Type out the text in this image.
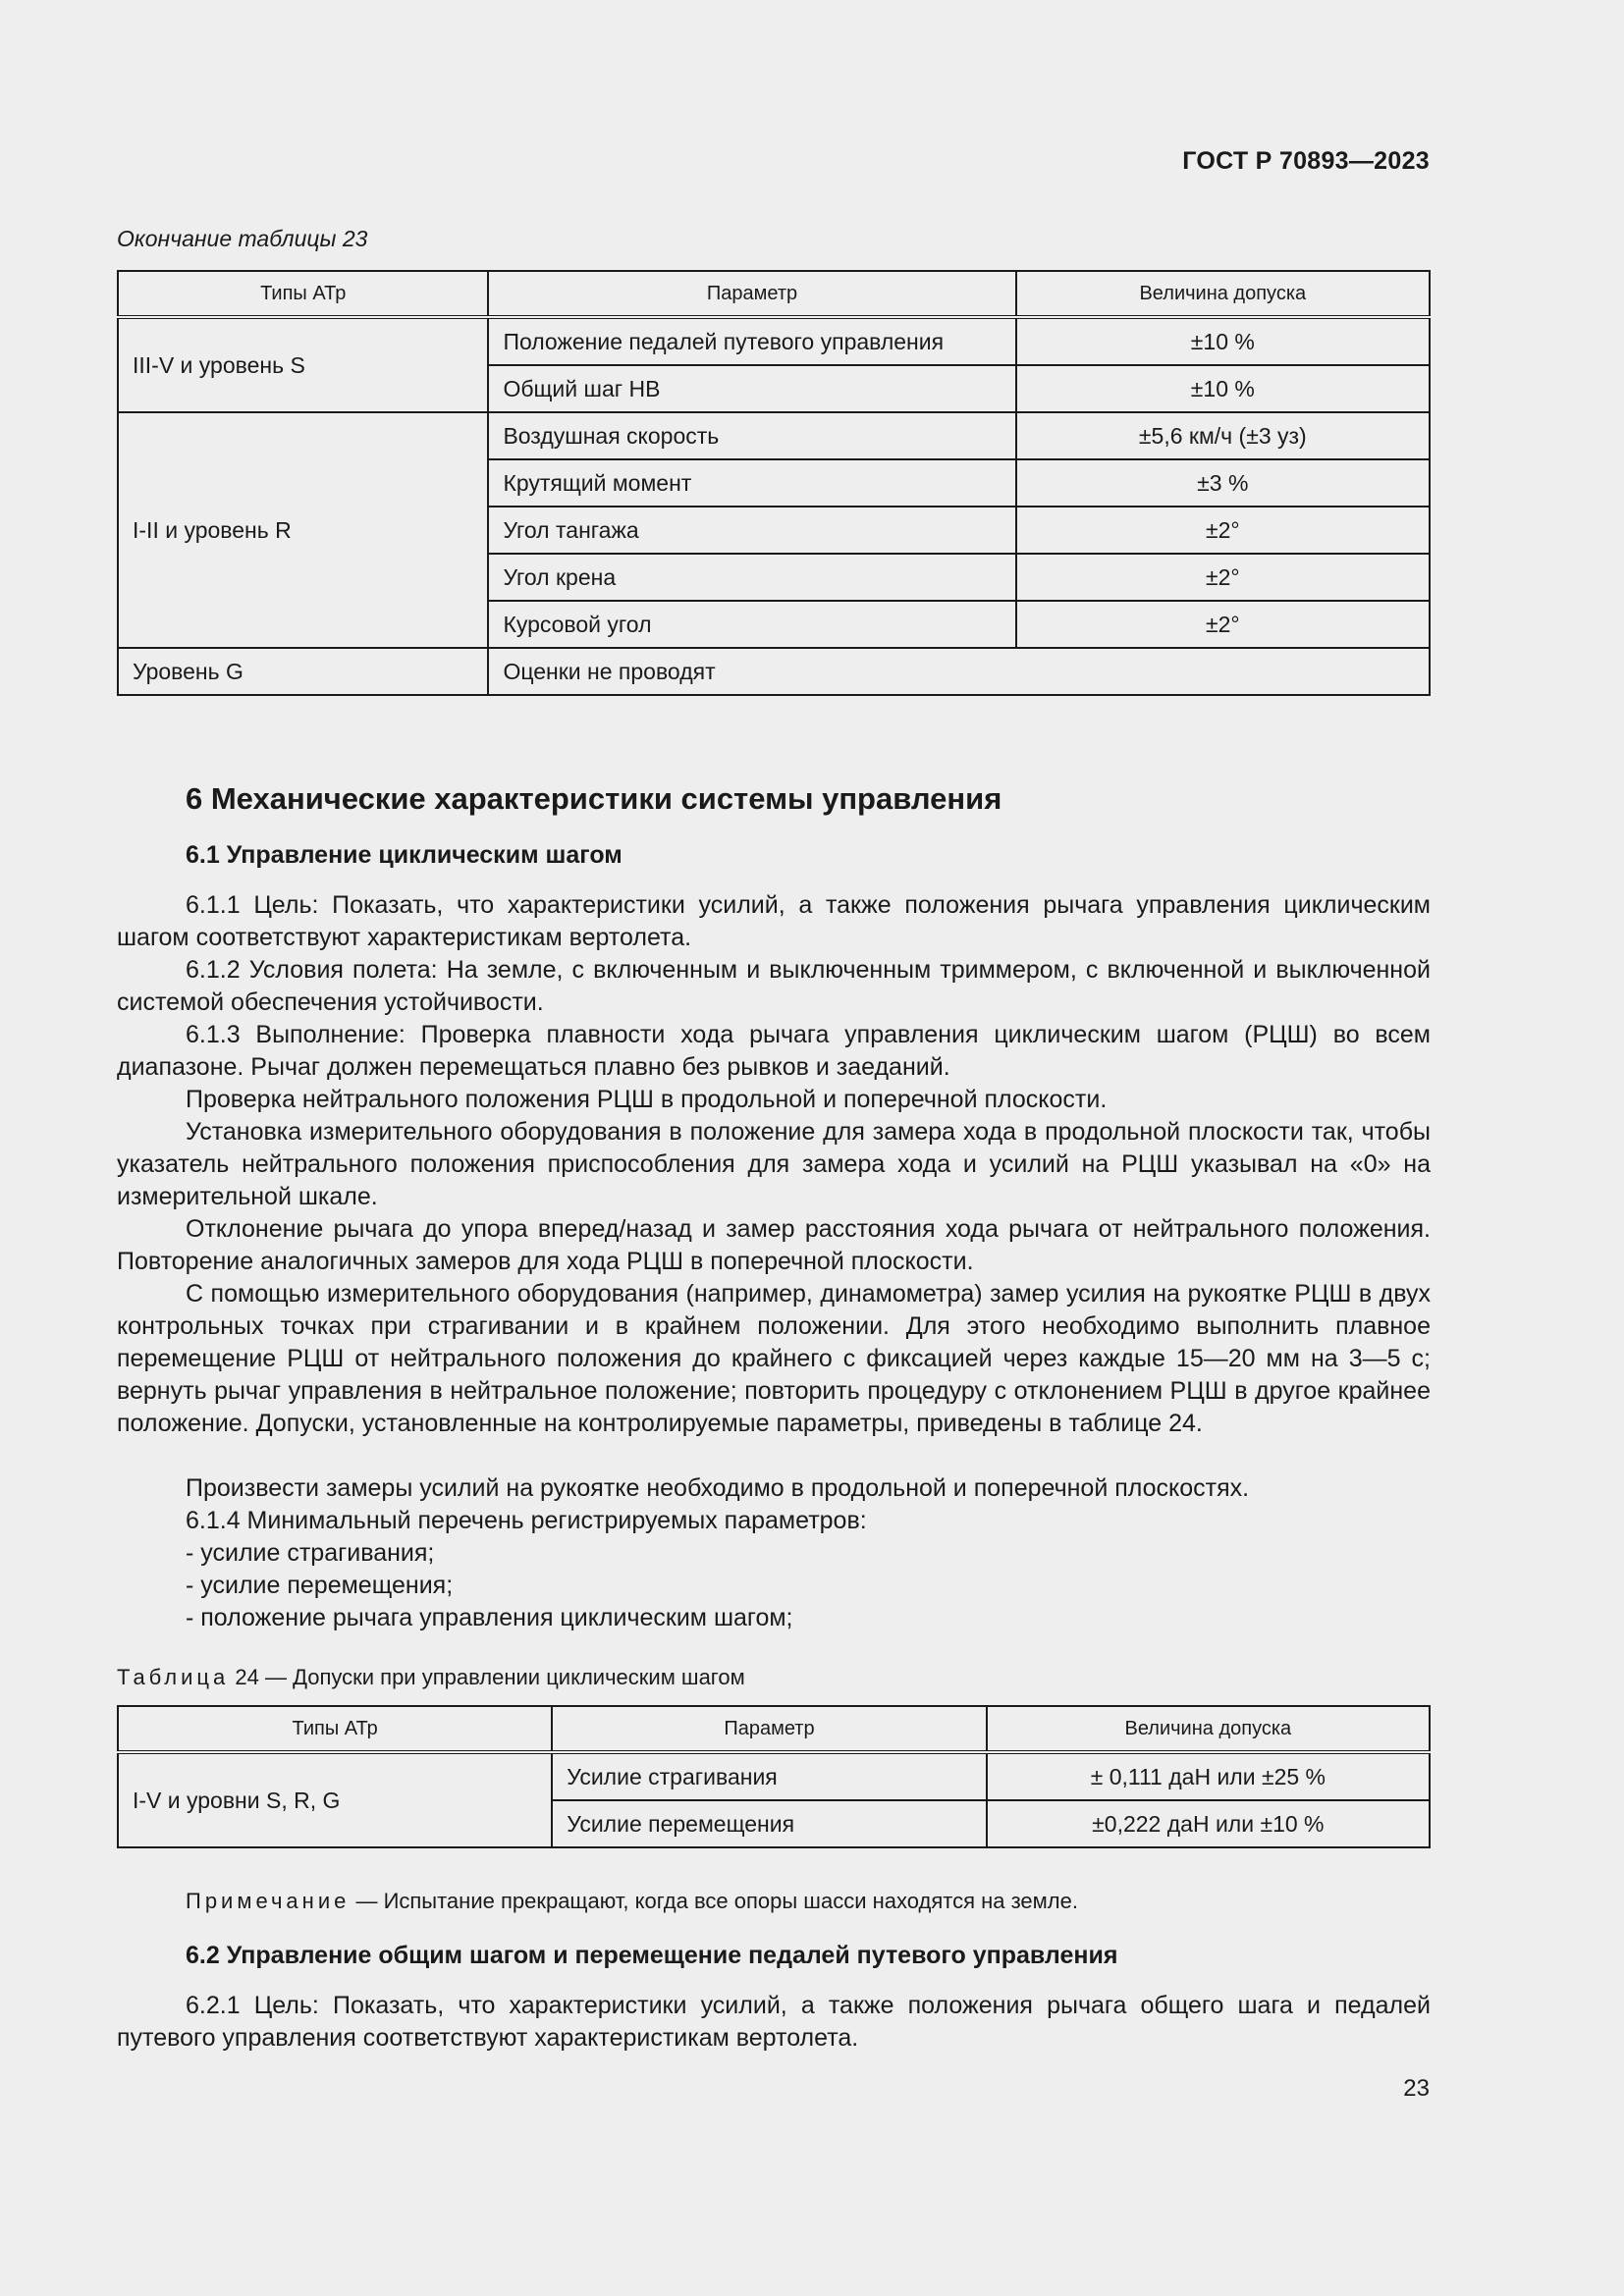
ГОСТ Р 70893—2023
Окончание таблицы 23
Типы АТр	Параметр	Величина допуска
III-V и уровень S	Положение педалей путевого управления	±10 %
	Общий шаг НВ	±10 %
I-II и уровень R	Воздушная скорость	±5,6 км/ч (±3 уз)
	Крутящий момент	±3 %
	Угол тангажа	±2°
	Угол крена	±2°
	Курсовой угол	±2°
Уровень G	Оценки не проводят	
6 Механические характеристики системы управления
6.1 Управление циклическим шагом

6.1.1 Цель: Показать, что характеристики усилий, а также положения рычага управления циклическим шагом соответствуют характеристикам вертолета.

6.1.2 Условия полета: На земле, с включенным и выключенным триммером, с включенной и выключенной системой обеспечения устойчивости.

6.1.3 Выполнение: Проверка плавности хода рычага управления циклическим шагом (РЦШ) во всем диапазоне. Рычаг должен перемещаться плавно без рывков и заеданий.

Проверка нейтрального положения РЦШ в продольной и поперечной плоскости.

Установка измерительного оборудования в положение для замера хода в продольной плоскости так, чтобы указатель нейтрального положения приспособления для замера хода и усилий на РЦШ указывал на «0» на измерительной шкале.

Отклонение рычага до упора вперед/назад и замер расстояния хода рычага от нейтрального положения. Повторение аналогичных замеров для хода РЦШ в поперечной плоскости.

С помощью измерительного оборудования (например, динамометра) замер усилия на рукоятке РЦШ в двух контрольных точках при страгивании и в крайнем положении. Для этого необходимо выполнить плавное перемещение РЦШ от нейтрального положения до крайнего с фиксацией через каждые 15—20 мм на 3—5 с; вернуть рычаг управления в нейтральное положение; повторить процедуру с отклонением РЦШ в другое крайнее положение. Допуски, установленные на контролируемые параметры, приведены в таблице 24.

Произвести замеры усилий на рукоятке необходимо в продольной и поперечной плоскостях.

6.1.4 Минимальный перечень регистрируемых параметров:

- усилие страгивания;
- усилие перемещения;
- положение рычага управления циклическим шагом;
Таблица 24 — Допуски при управлении циклическим шагом
Типы АТр	Параметр	Величина допуска
I-V и уровни S, R, G	Усилие страгивания	± 0,111 даН или ±25 %
	Усилие перемещения	±0,222 даН или ±10 %
Примечание — Испытание прекращают, когда все опоры шасси находятся на земле.
6.2 Управление общим шагом и перемещение педалей путевого управления

6.2.1 Цель: Показать, что характеристики усилий, а также положения рычага общего шага и педалей путевого управления соответствуют характеристикам вертолета.

23
